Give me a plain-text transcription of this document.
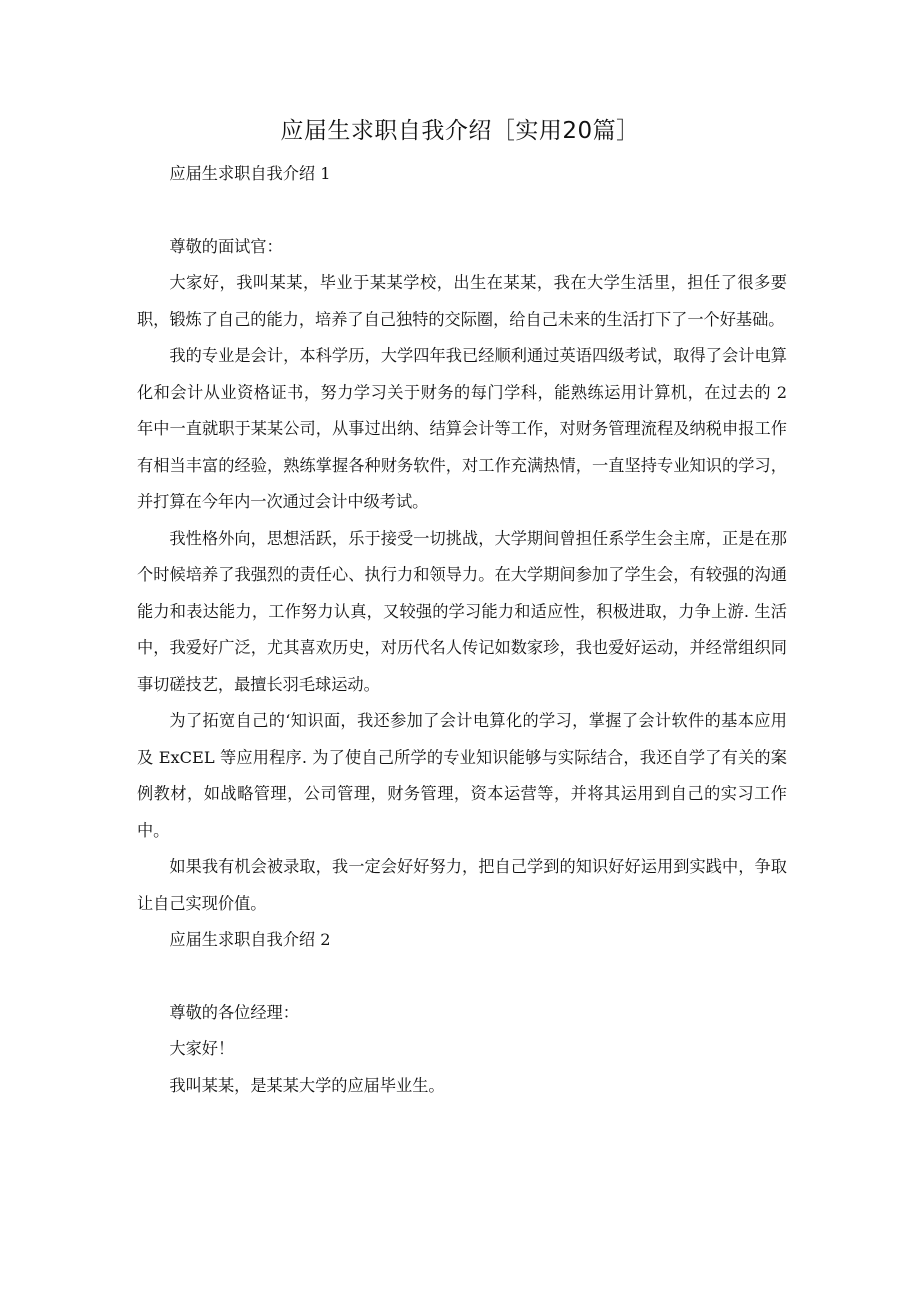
应届生求职自我介绍［实用20篇］

应届生求职自我介绍 1

尊敬的面试官：

大家好，我叫某某，毕业于某某学校，出生在某某，我在大学生活里，担任了很多要职，锻炼了自己的能力，培养了自己独特的交际圈，给自己未来的生活打下了一个好基础。

我的专业是会计，本科学历，大学四年我已经顺利通过英语四级考试，取得了会计电算化和会计从业资格证书，努力学习关于财务的每门学科，能熟练运用计算机，在过去的 2 年中一直就职于某某公司，从事过出纳、结算会计等工作，对财务管理流程及纳税申报工作有相当丰富的经验，熟练掌握各种财务软件，对工作充满热情，一直坚持专业知识的学习，并打算在今年内一次通过会计中级考试。

我性格外向，思想活跃，乐于接受一切挑战，大学期间曾担任系学生会主席，正是在那个时候培养了我强烈的责任心、执行力和领导力。在大学期间参加了学生会，有较强的沟通能力和表达能力，工作努力认真，又较强的学习能力和适应性，积极进取，力争上游. 生活中，我爱好广泛，尤其喜欢历史，对历代名人传记如数家珍，我也爱好运动，并经常组织同事切磋技艺，最擅长羽毛球运动。

为了拓宽自己的‘知识面，我还参加了会计电算化的学习，掌握了会计软件的基本应用及 ExCEL 等应用程序. 为了使自己所学的专业知识能够与实际结合，我还自学了有关的案例教材，如战略管理，公司管理，财务管理，资本运营等，并将其运用到自己的实习工作中。

如果我有机会被录取，我一定会好好努力，把自己学到的知识好好运用到实践中，争取让自己实现价值。

应届生求职自我介绍 2

尊敬的各位经理：

大家好！

我叫某某，是某某大学的应届毕业生。
